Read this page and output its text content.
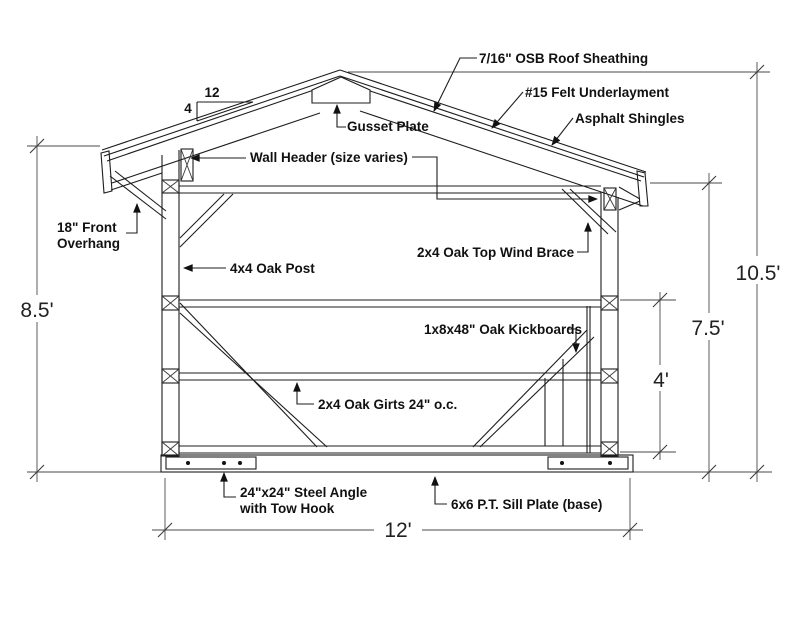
8.5'
10.5'
7.5'
4'
12'
12
4
7/16" OSB Roof Sheathing
#15 Felt Underlayment
Asphalt Shingles
Gusset Plate
Wall Header (size varies)
18" Front
Overhang
2x4 Oak Top Wind Brace
4x4 Oak Post
1x8x48" Oak Kickboards
2x4 Oak Girts 24" o.c.
24"x24" Steel Angle
with Tow Hook	6x6 P.T. Sill Plate (base)
